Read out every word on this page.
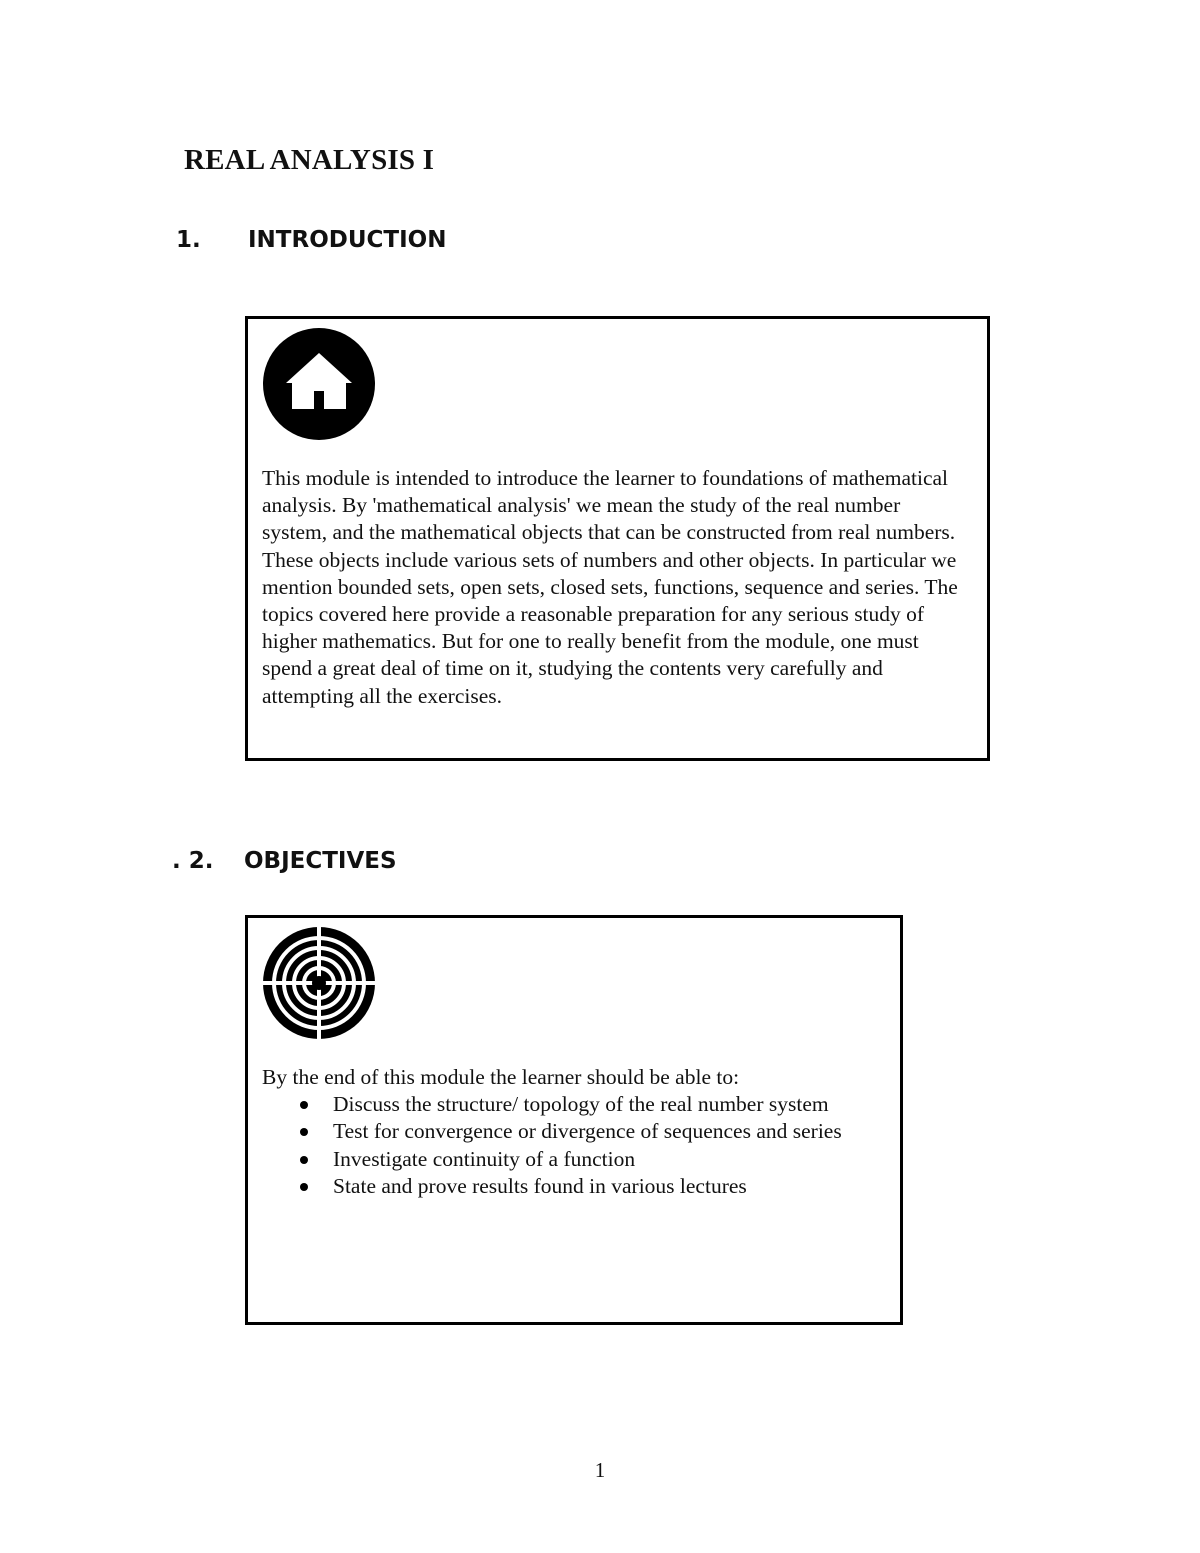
REAL ANALYSIS I
1. INTRODUCTION

This module is intended to introduce the learner to foundations of mathematical analysis. By 'mathematical analysis' we mean the study of the real number system, and the mathematical objects that can be constructed from real numbers. These objects include various sets of numbers and other objects. In particular we mention bounded sets, open sets, closed sets, functions, sequence and series. The topics covered here provide a reasonable preparation for any serious study of higher mathematics. But for one to really benefit from the module, one must spend a great deal of time on it, studying the contents very carefully and attempting all the exercises.

. 2. OBJECTIVES

By the end of this module the learner should be able to:

Discuss the structure/ topology of the real number system
Test for convergence or divergence of sequences and series
Investigate continuity of a function
State and prove results found in various lectures
1
